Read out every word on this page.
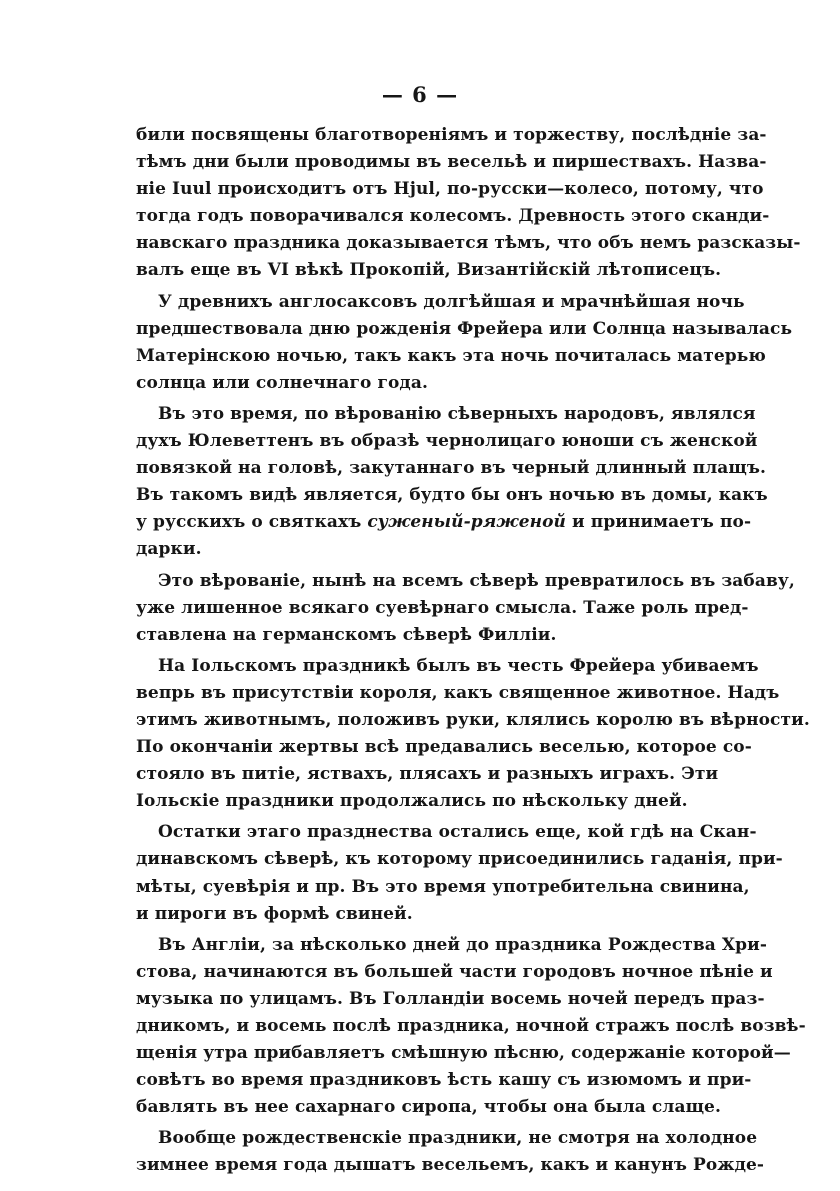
— 6 —

били посвящены благотвореніямъ и торжеству, послѣдніе за-
тѣмъ дни были проводимы въ весельѣ и пиршествахъ. Назва-
ніе Iuul происходитъ отъ Hjul, по-русски—колесо, потому, что
тогда годъ поворачивался колесомъ. Древность этого сканди-
навскаго праздника доказывается тѣмъ, что объ немъ разсказы-
валъ еще въ VI вѣкѣ Прокопій, Византійскій лѣтописецъ.

У древнихъ англосаксовъ долгѣйшая и мрачнѣйшая ночь
предшествовала дню рожденія Фрейера или Солнца называлась
Матерінскою ночью, такъ какъ эта ночь почиталась матерью
солнца или солнечнаго года.

Въ это время, по вѣрованію сѣверныхъ народовъ, являлся
духъ Юлеветтенъ въ образѣ чернолицаго юноши съ женской
повязкой на головѣ, закутаннаго въ черный длинный плащъ.
Въ такомъ видѣ является, будто бы онъ ночью въ домы, какъ
у русскихъ о святкахъ суженый-ряженой и принимаетъ по-
дарки.

Это вѣрованіе, нынѣ на всемъ сѣверѣ превратилось въ забаву,
уже лишенное всякаго суевѣрнаго смысла. Таже роль пред-
ставлена на германскомъ сѣверѣ Филліи.

На Іольскомъ праздникѣ былъ въ честь Фрейера убиваемъ
вепрь въ присутствіи короля, какъ священное животное. Надъ
этимъ животнымъ, положивъ руки, клялись королю въ вѣрности.
По окончаніи жертвы всѣ предавались веселью, которое со-
стояло въ питіе, яствахъ, плясахъ и разныхъ играхъ. Эти
Іольскіе праздники продолжались по нѣскольку дней.

Остатки этаго празднества остались еще, кой гдѣ на Скан-
динавскомъ сѣверѣ, къ которому присоединились гаданія, при-
мѣты, суевѣрія и пр. Въ это время употребительна свинина,
и пироги въ формѣ свиней.

Въ Англіи, за нѣсколько дней до праздника Рождества Хри-
стова, начинаются въ большей части городовъ ночное пѣніе и
музыка по улицамъ. Въ Голландіи восемь ночей передъ праз-
дникомъ, и восемь послѣ праздника, ночной стражъ послѣ возвѣ-
щенія утра прибавляетъ смѣшную пѣсню, содержаніе которой—
совѣтъ во время праздниковъ ѣсть кашу съ изюмомъ и при-
бавлять въ нее сахарнаго сиропа, чтобы она была слаще.

Вообще рождественскіе праздники, не смотря на холодное
зимнее время года дышатъ весельемъ, какъ и канунъ Рожде-
